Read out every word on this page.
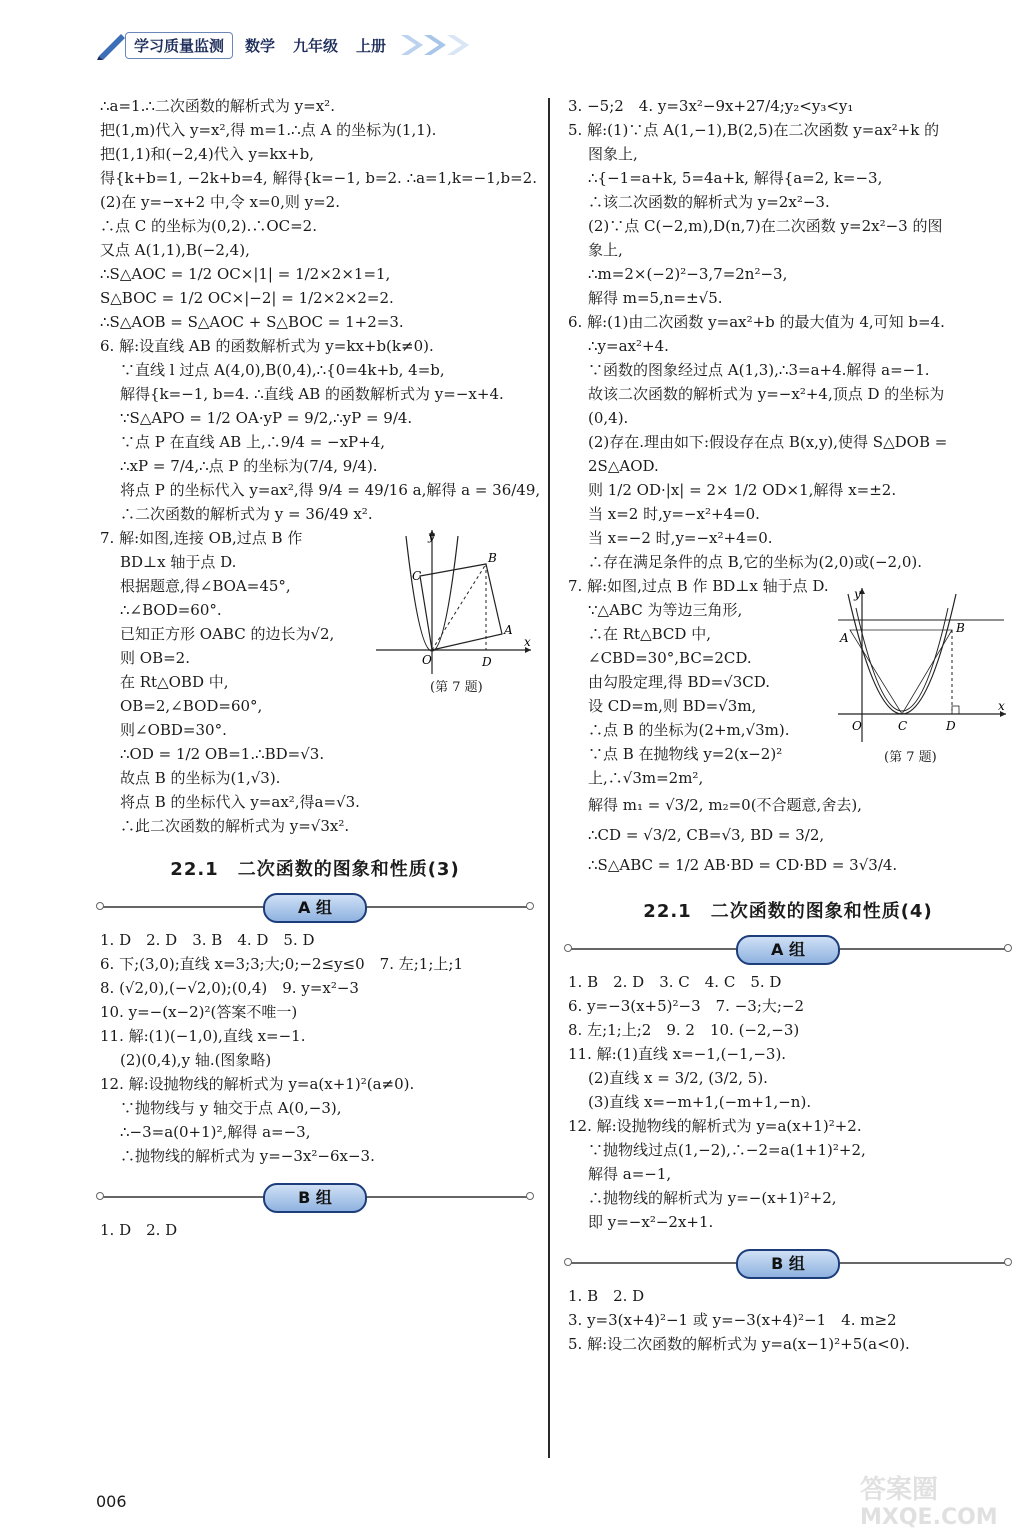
学习质量监测	数学 九年级 上册
∴a=1.∴二次函数的解析式为 y=x².
把(1,m)代入 y=x²,得 m=1.∴点 A 的坐标为(1,1).
把(1,1)和(−2,4)代入 y=kx+b,
得{k+b=1, −2k+b=4, 解得{k=−1, b=2. ∴a=1,k=−1,b=2.
(2)在 y=−x+2 中,令 x=0,则 y=2.
∴点 C 的坐标为(0,2).∴OC=2.
又点 A(1,1),B(−2,4),
∴S△AOC = 1/2 OC×|1| = 1/2×2×1=1,
S△BOC = 1/2 OC×|−2| = 1/2×2×2=2.
∴S△AOB = S△AOC + S△BOC = 1+2=3.
6. 解:设直线 AB 的函数解析式为 y=kx+b(k≠0).
∵直线 l 过点 A(4,0),B(0,4),∴{0=4k+b, 4=b,
解得{k=−1, b=4. ∴直线 AB 的函数解析式为 y=−x+4.
∵S△APO = 1/2 OA·yP = 9/2,∴yP = 9/4.
∵点 P 在直线 AB 上,∴9/4 = −xP+4,
∴xP = 7/4,∴点 P 的坐标为(7/4, 9/4).
将点 P 的坐标代入 y=ax²,得 9/4 = 49/16 a,解得 a = 36/49,
∴二次函数的解析式为 y = 36/49 x².
7. 解:如图,连接 OB,过点 B 作
BD⊥x 轴于点 D.
根据题意,得∠BOA=45°,
∴∠BOD=60°.
已知正方形 OABC 的边长为√2,
则 OB=2.
在 Rt△OBD 中,
OB=2,∠BOD=60°,
则∠OBD=30°.
y
x
O	D
B
A
C
(第 7 题)
∴OD = 1/2 OB=1.∴BD=√3.
故点 B 的坐标为(1,√3).
将点 B 的坐标代入 y=ax²,得a=√3.
∴此二次函数的解析式为 y=√3x².
22.1　二次函数的图象和性质(3)
A 组
1. D　2. D　3. B　4. D　5. D
6. 下;(3,0);直线 x=3;3;大;0;−2≤y≤0　7. 左;1;上;1
8. (√2,0),(−√2,0);(0,4)　9. y=x²−3
10. y=−(x−2)²(答案不唯一)
11. 解:(1)(−1,0),直线 x=−1.
(2)(0,4),y 轴.(图象略)
12. 解:设抛物线的解析式为 y=a(x+1)²(a≠0).
∵抛物线与 y 轴交于点 A(0,−3),
∴−3=a(0+1)²,解得 a=−3,
∴抛物线的解析式为 y=−3x²−6x−3.
B 组
1. D　2. D
3. −5;2　4. y=3x²−9x+27/4;y₂<y₃<y₁
5. 解:(1)∵点 A(1,−1),B(2,5)在二次函数 y=ax²+k 的
图象上,
∴{−1=a+k, 5=4a+k, 解得{a=2, k=−3,
∴该二次函数的解析式为 y=2x²−3.
(2)∵点 C(−2,m),D(n,7)在二次函数 y=2x²−3 的图
象上,
∴m=2×(−2)²−3,7=2n²−3,
解得 m=5,n=±√5.
6. 解:(1)由二次函数 y=ax²+b 的最大值为 4,可知 b=4.
∴y=ax²+4.
∵函数的图象经过点 A(1,3),∴3=a+4.解得 a=−1.
故该二次函数的解析式为 y=−x²+4,顶点 D 的坐标为
(0,4).
(2)存在.理由如下:假设存在点 B(x,y),使得 S△DOB =
2S△AOD.
则 1/2 OD·|x| = 2× 1/2 OD×1,解得 x=±2.
当 x=2 时,y=−x²+4=0.
当 x=−2 时,y=−x²+4=0.
∴存在满足条件的点 B,它的坐标为(2,0)或(−2,0).
7. 解:如图,过点 B 作 BD⊥x 轴于点 D.
∵△ABC 为等边三角形,
∴在 Rt△BCD 中,
∠CBD=30°,BC=2CD.
由勾股定理,得 BD=√3CD.
设 CD=m,则 BD=√3m,
∴点 B 的坐标为(2+m,√3m).
∵点 B 在抛物线 y=2(x−2)²
上,∴√3m=2m²,
y
x
O	C	D
B
A
(第 7 题)
解得 m₁ = √3/2, m₂=0(不合题意,舍去),
∴CD = √3/2, CB=√3, BD = 3/2,
∴S△ABC = 1/2 AB·BD = CD·BD = 3√3/4.
22.1　二次函数的图象和性质(4)
A 组
1. B　2. D　3. C　4. C　5. D
6. y=−3(x+5)²−3　7. −3;大;−2
8. 左;1;上;2　9. 2　10. (−2,−3)
11. 解:(1)直线 x=−1,(−1,−3).
(2)直线 x = 3/2, (3/2, 5).
(3)直线 x=−m+1,(−m+1,−n).
12. 解:设抛物线的解析式为 y=a(x+1)²+2.
∵抛物线过点(1,−2),∴−2=a(1+1)²+2,
解得 a=−1,
∴抛物线的解析式为 y=−(x+1)²+2,
即 y=−x²−2x+1.
B 组
1. B　2. D
3. y=3(x+4)²−1 或 y=−3(x+4)²−1　4. m≥2
5. 解:设二次函数的解析式为 y=a(x−1)²+5(a<0).
006	答案圈
MXQE.COM
